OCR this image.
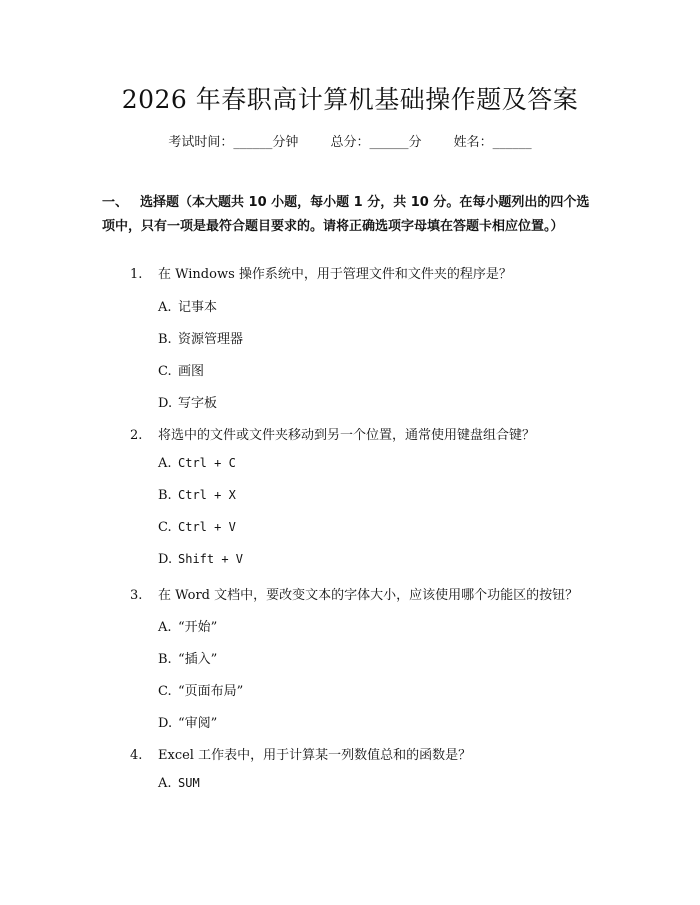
2026 年春职高计算机基础操作题及答案
考试时间：______分钟 总分：______分 姓名：______
一、 选择题（本大题共 10 小题，每小题 1 分，共 10 分。在每小题列出的四个选项中，只有一项是最符合题目要求的。请将正确选项字母填在答题卡相应位置。）
1. 在 Windows 操作系统中，用于管理文件和文件夹的程序是？
A. 记事本
B. 资源管理器
C. 画图
D. 写字板
2. 将选中的文件或文件夹移动到另一个位置，通常使用键盘组合键？
A. Ctrl + C
B. Ctrl + X
C. Ctrl + V
D. Shift + V
3. 在 Word 文档中，要改变文本的字体大小，应该使用哪个功能区的按钮？
A. “开始”
B. “插入”
C. “页面布局”
D. “审阅”
4. Excel 工作表中，用于计算某一列数值总和的函数是？
A. SUM
